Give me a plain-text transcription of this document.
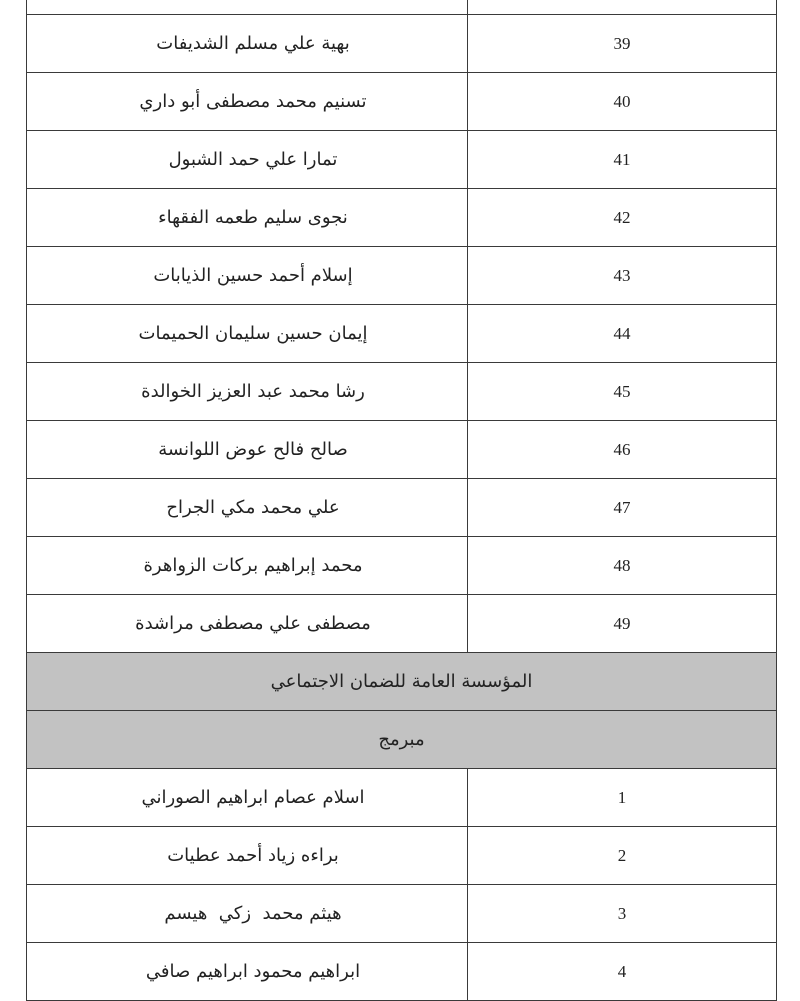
39	بهية علي مسلم الشديفات
40	تسنيم محمد مصطفى أبو داري
41	تمارا علي حمد الشبول
42	نجوى سليم طعمه الفقهاء
43	إسلام أحمد حسين الذيابات
44	إيمان حسين سليمان الحميمات
45	رشا محمد عبد العزيز الخوالدة
46	صالح فالح عوض اللوانسة
47	علي محمد مكي الجراح
48	محمد إبراهيم بركات الزواهرة
49	مصطفى علي مصطفى مراشدة
المؤسسة العامة للضمان الاجتماعي	
مبرمج	
1	اسلام عصام ابراهيم الصوراني
2	براءه زياد أحمد عطيات
3	هيثم محمد  زكي  هيسم
4	ابراهيم محمود ابراهيم صافي
